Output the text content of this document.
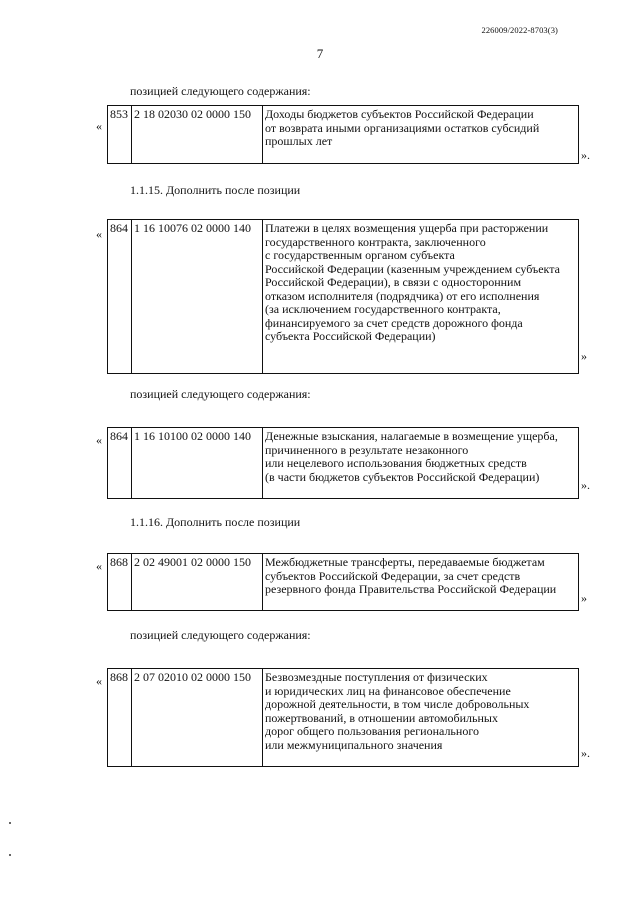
226009/2022-8703(3)
7
позицией следующего содержания:
«
853	2 18 02030 02 0000 150	Доходы бюджетов субъектов Российской Федерации
от возврата иными организациями остатков субсидий
прошлых лет
».
1.1.15. Дополнить после позиции
« 864	1 16 10076 02 0000 140	Платежи в целях возмещения ущерба при расторжении
государственного контракта, заключенного
с государственным органом субъекта
Российской Федерации (казенным учреждением субъекта
Российской Федерации), в связи с односторонним
отказом исполнителя (подрядчика) от его исполнения
(за исключением государственного контракта,
финансируемого за счет средств дорожного фонда
субъекта Российской Федерации)
»
позицией следующего содержания:
« 864	1 16 10100 02 0000 140	Денежные взыскания, налагаемые в возмещение ущерба,
причиненного в результате незаконного
или нецелевого использования бюджетных средств
(в части бюджетов субъектов Российской Федерации)
».
1.1.16. Дополнить после позиции
« 868	2 02 49001 02 0000 150	Межбюджетные трансферты, передаваемые бюджетам
субъектов Российской Федерации, за счет средств
резервного фонда Правительства Российской Федерации
»
позицией следующего содержания:
« 868	2 07 02010 02 0000 150	Безвозмездные поступления от физических
и юридических лиц на финансовое обеспечение
дорожной деятельности, в том числе добровольных
пожертвований, в отношении автомобильных
дорог общего пользования регионального
или межмуниципального значения
».
